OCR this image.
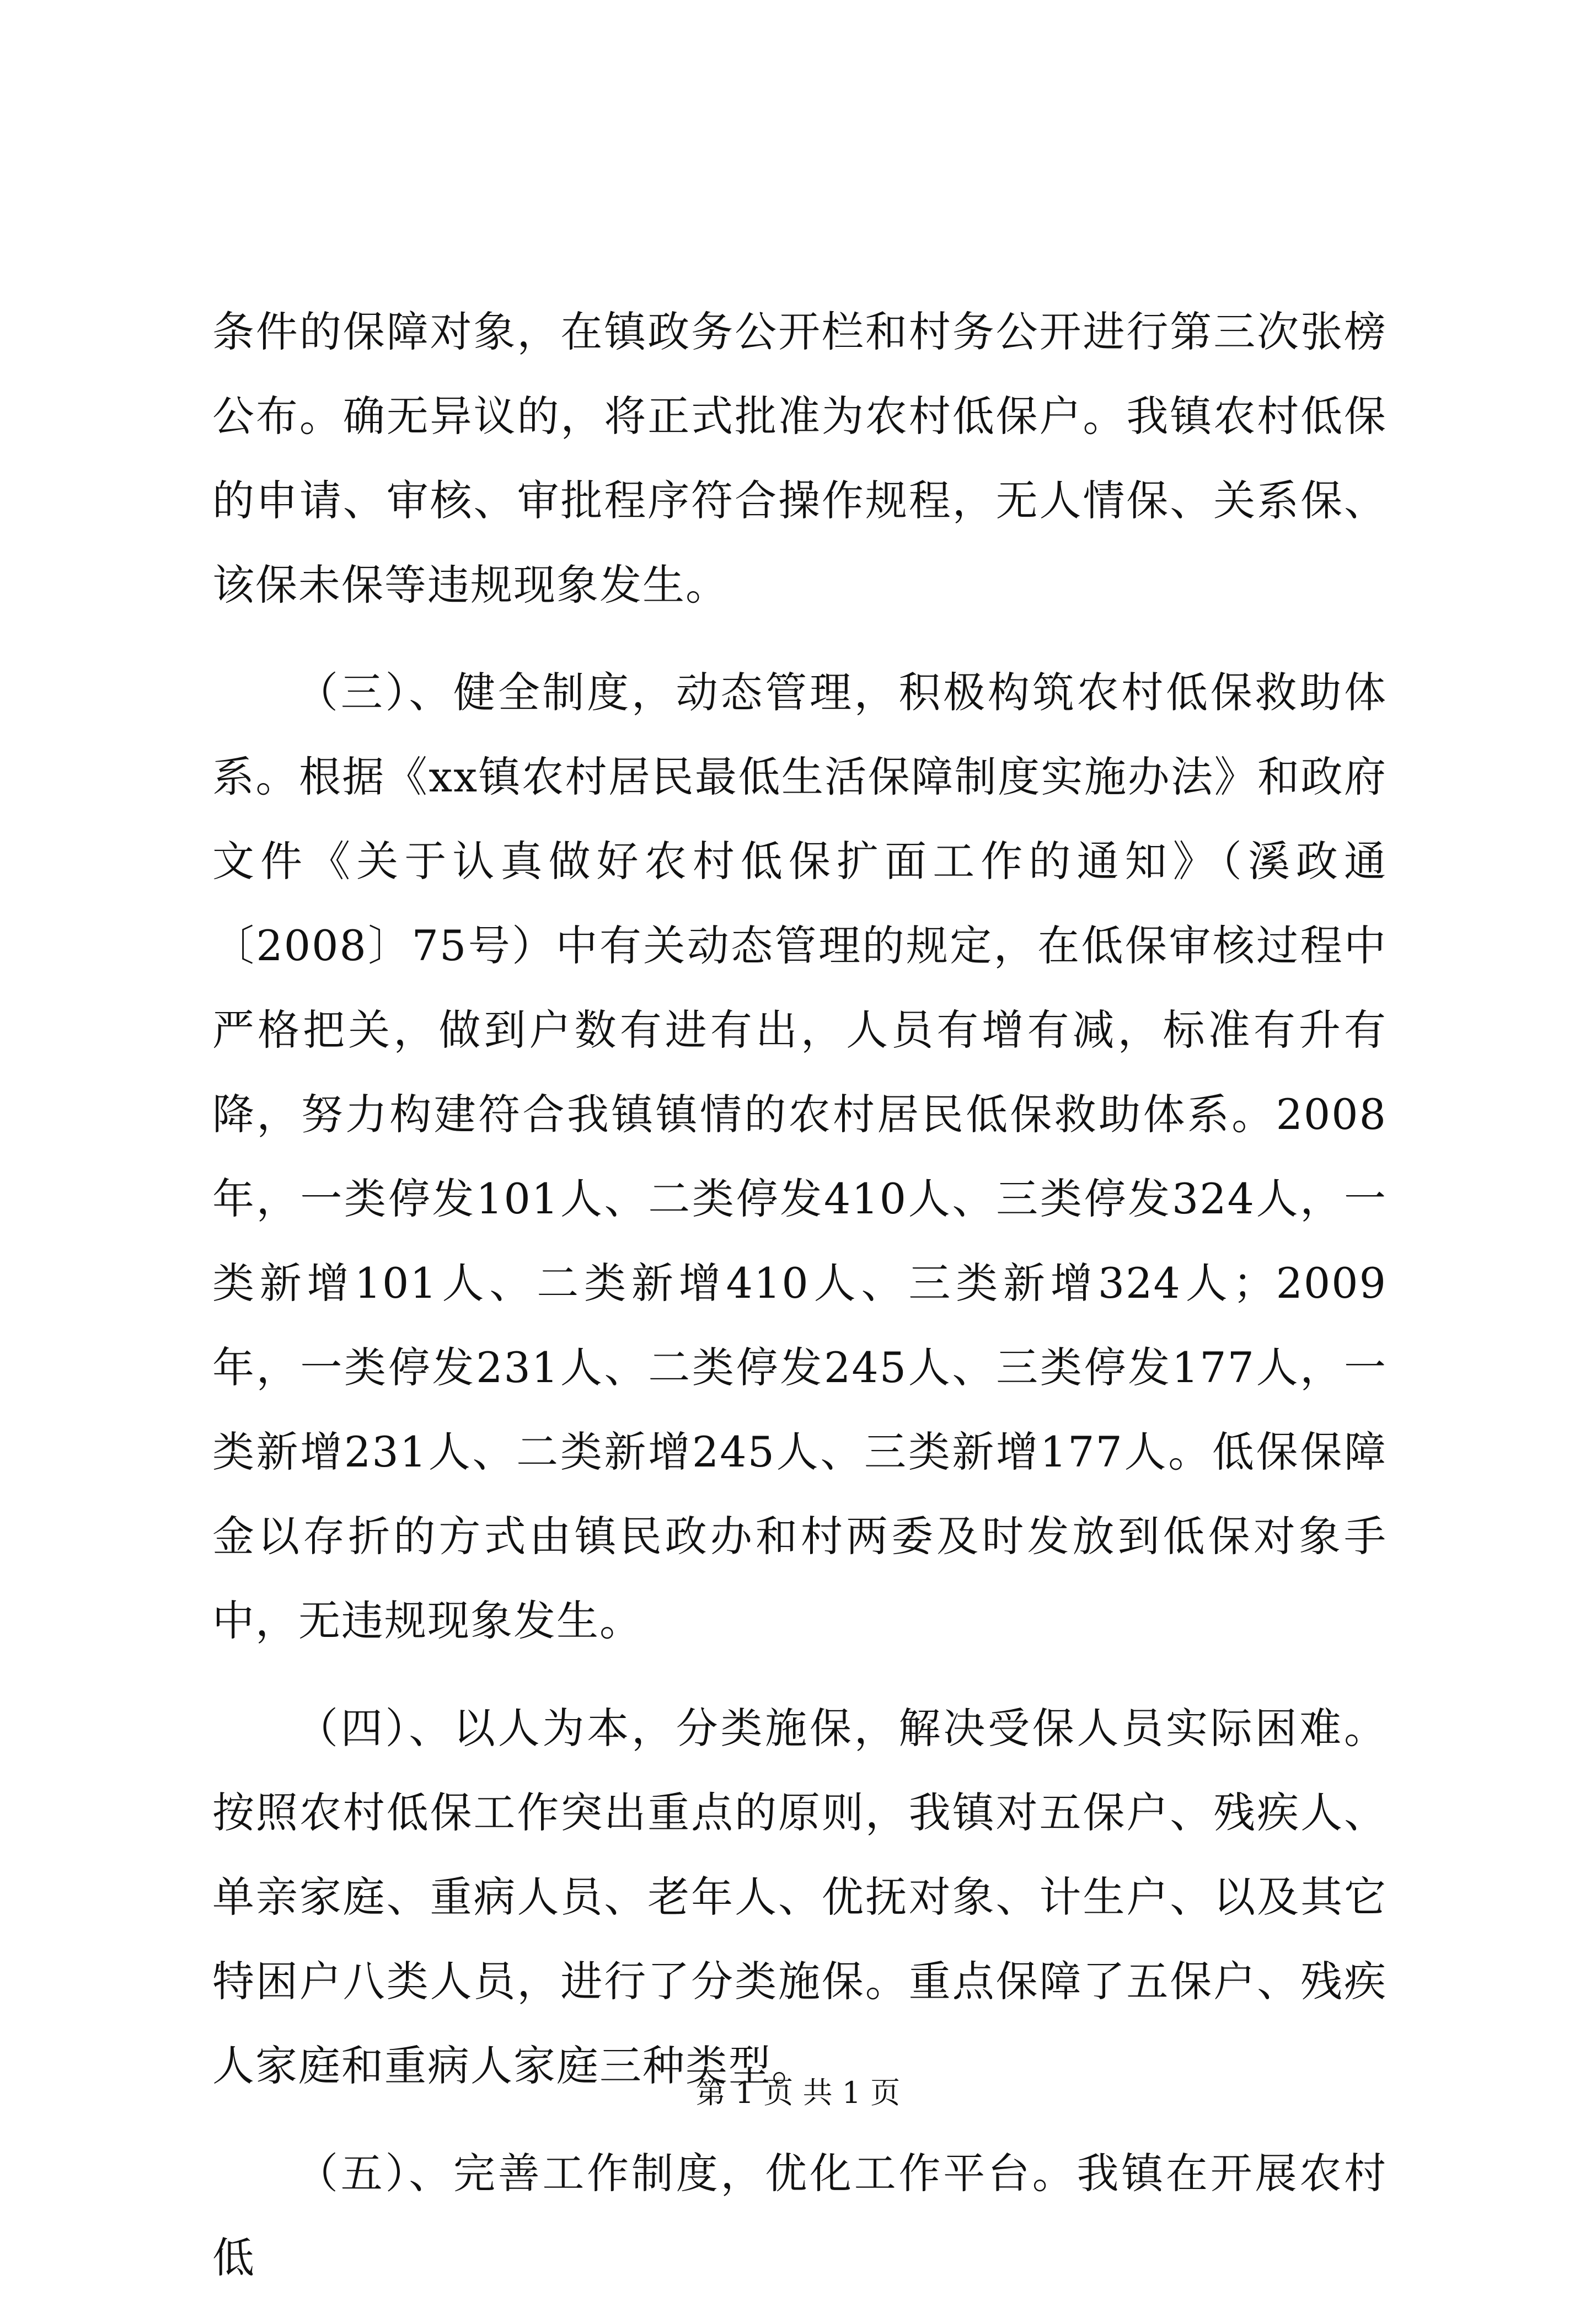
条件的保障对象，在镇政务公开栏和村务公开进行第三次张榜公布。确无异议的，将正式批准为农村低保户。我镇农村低保的申请、审核、审批程序符合操作规程，无人情保、关系保、该保未保等违规现象发生。

（三）、健全制度，动态管理，积极构筑农村低保救助体系。根据《xx镇农村居民最低生活保障制度实施办法》和政府文件《关于认真做好农村低保扩面工作的通知》（溪政通〔2008〕75号）中有关动态管理的规定，在低保审核过程中严格把关，做到户数有进有出，人员有增有减，标准有升有降，努力构建符合我镇镇情的农村居民低保救助体系。2008年，一类停发101人、二类停发410人、三类停发324人，一类新增101人、二类新增410人、三类新增324人；2009年，一类停发231人、二类停发245人、三类停发177人，一类新增231人、二类新增245人、三类新增177人。低保保障金以存折的方式由镇民政办和村两委及时发放到低保对象手中，无违规现象发生。

（四）、以人为本，分类施保，解决受保人员实际困难。按照农村低保工作突出重点的原则，我镇对五保户、残疾人、单亲家庭、重病人员、老年人、优抚对象、计生户、以及其它特困户八类人员，进行了分类施保。重点保障了五保户、残疾人家庭和重病人家庭三种类型。

（五）、完善工作制度，优化工作平台。我镇在开展农村低

第 1 页 共 1 页
